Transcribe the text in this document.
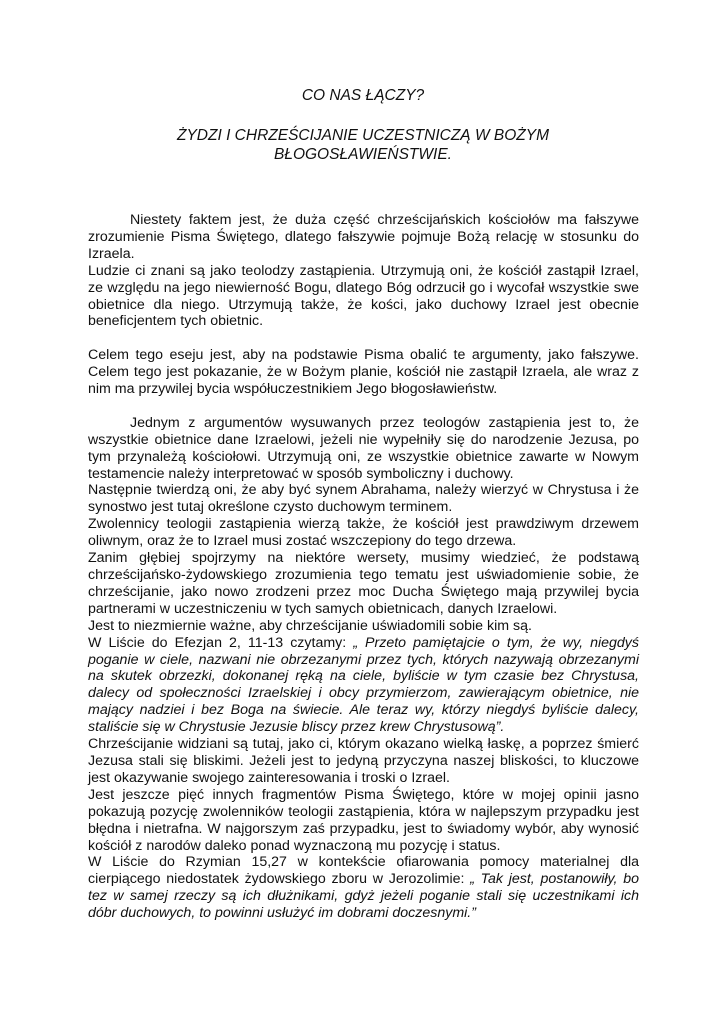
CO NAS ŁĄCZY?
ŻYDZI I CHRZEŚCIJANIE UCZESTNICZĄ W BOŻYM
BŁOGOSŁAWIEŃSTWIE.

Niestety faktem jest, że duża część chrześcijańskich kościołów ma fałszywe zrozumienie Pisma Świętego, dlatego fałszywie pojmuje Bożą relację w stosunku do Izraela.

Ludzie ci znani są jako teolodzy zastąpienia. Utrzymują oni, że kościół zastąpił Izrael, ze względu na jego niewierność Bogu, dlatego Bóg odrzucił go i wycofał wszystkie swe obietnice dla niego. Utrzymują także, że kości, jako duchowy Izrael jest obecnie beneficjentem tych obietnic.

Celem tego eseju jest, aby na podstawie Pisma obalić te argumenty, jako fałszywe. Celem tego jest pokazanie, że w Bożym planie, kościół nie zastąpił Izraela, ale wraz z nim ma przywilej bycia współuczestnikiem Jego błogosławieństw.

Jednym z argumentów wysuwanych przez teologów zastąpienia jest to, że wszystkie obietnice dane Izraelowi, jeżeli nie wypełniły się do narodzenie Jezusa, po tym przynależą kościołowi. Utrzymują oni, ze wszystkie obietnice zawarte w Nowym testamencie należy interpretować w sposób symboliczny i duchowy.

Następnie twierdzą oni, że aby być synem Abrahama, należy wierzyć w Chrystusa i że synostwo jest tutaj określone czysto duchowym terminem.

Zwolennicy teologii zastąpienia wierzą także, że kościół jest prawdziwym drzewem oliwnym, oraz że to Izrael musi zostać wszczepiony do tego drzewa.

Zanim głębiej spojrzymy na niektóre wersety, musimy wiedzieć, że podstawą chrześcijańsko-żydowskiego zrozumienia tego tematu jest uświadomienie sobie, że chrześcijanie, jako nowo zrodzeni przez moc Ducha Świętego mają przywilej bycia partnerami w uczestniczeniu w tych samych obietnicach, danych Izraelowi.

Jest to niezmiernie ważne, aby chrześcijanie uświadomili sobie kim są.

W Liście do Efezjan 2, 11-13 czytamy: „ Przeto pamiętajcie o tym, że wy, niegdyś poganie w ciele, nazwani nie obrzezanymi przez tych, których nazywają obrzezanymi na skutek obrzezki, dokonanej ręką na ciele, byliście w tym czasie bez Chrystusa, dalecy od społeczności Izraelskiej i obcy przymierzom, zawierającym obietnice, nie mający nadziei i bez Boga na świecie. Ale teraz wy, którzy niegdyś byliście dalecy, staliście się w Chrystusie Jezusie bliscy przez krew Chrystusową”.

Chrześcijanie widziani są tutaj, jako ci, którym okazano wielką łaskę, a poprzez śmierć Jezusa stali się bliskimi. Jeżeli jest to jedyną przyczyna naszej bliskości, to kluczowe jest okazywanie swojego zainteresowania i troski o Izrael.

Jest jeszcze pięć innych fragmentów Pisma Świętego, które w mojej opinii jasno pokazują pozycję zwolenników teologii zastąpienia, która w najlepszym przypadku jest błędna i nietrafna. W najgorszym zaś przypadku, jest to świadomy wybór, aby wynosić kościół z narodów daleko ponad wyznaczoną mu pozycję i status.

W Liście do Rzymian 15,27 w kontekście ofiarowania pomocy materialnej dla cierpiącego niedostatek żydowskiego zboru w Jerozolimie: „ Tak jest, postanowiły, bo tez w samej rzeczy są ich dłużnikami, gdyż jeżeli poganie stali się uczestnikami ich dóbr duchowych, to powinni usłużyć im dobrami doczesnymi.”
